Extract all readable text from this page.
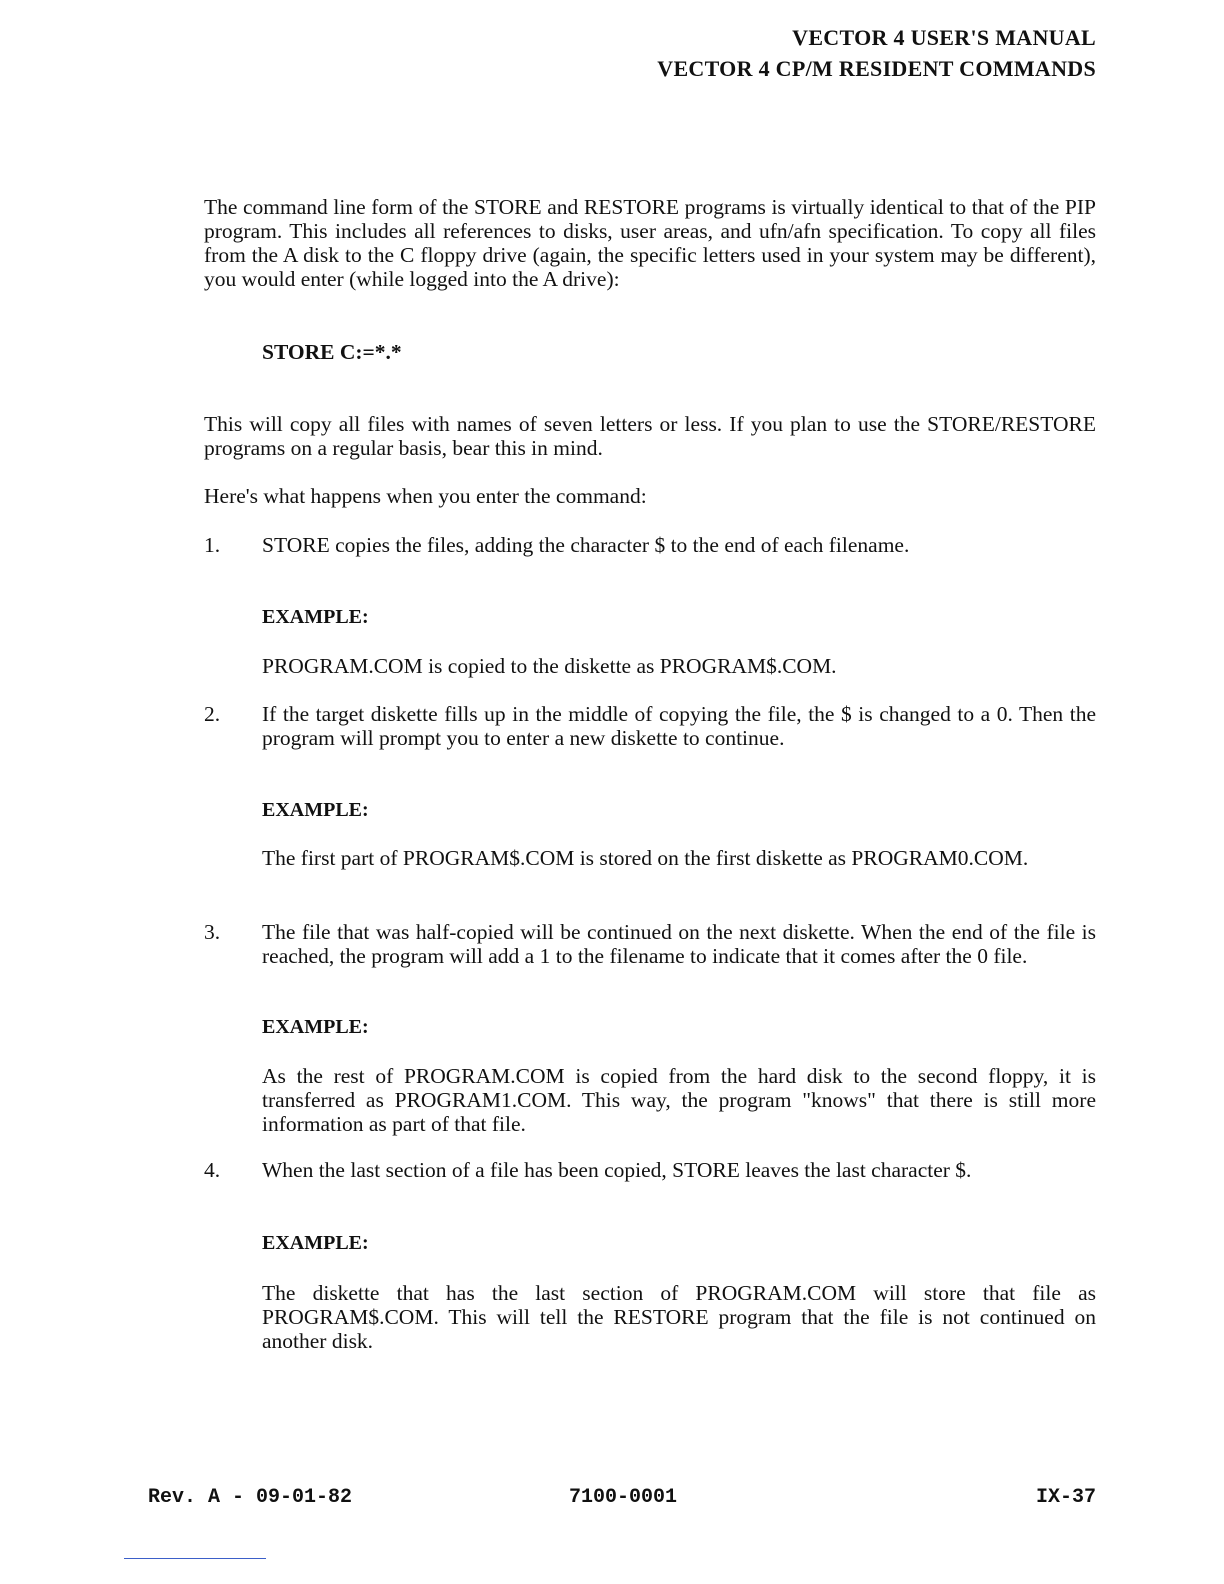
VECTOR 4 USER'S MANUAL
VECTOR 4 CP/M RESIDENT COMMANDS
The command line form of the STORE and RESTORE programs is virtually identical to that of the PIP program. This includes all references to disks, user areas, and ufn/afn specification. To copy all files from the A disk to the C floppy drive (again, the specific letters used in your system may be different), you would enter (while logged into the A drive):
STORE C:=*.*
This will copy all files with names of seven letters or less. If you plan to use the STORE/RESTORE programs on a regular basis, bear this in mind.
Here's what happens when you enter the command:
1. STORE copies the files, adding the character $ to the end of each filename.
EXAMPLE:
PROGRAM.COM is copied to the diskette as PROGRAM$.COM.
2. If the target diskette fills up in the middle of copying the file, the $ is changed to a 0. Then the program will prompt you to enter a new diskette to continue.
EXAMPLE:
The first part of PROGRAM$.COM is stored on the first diskette as PROGRAM0.COM.
3. The file that was half-copied will be continued on the next diskette. When the end of the file is reached, the program will add a 1 to the filename to indicate that it comes after the 0 file.
EXAMPLE:
As the rest of PROGRAM.COM is copied from the hard disk to the second floppy, it is transferred as PROGRAM1.COM. This way, the program "knows" that there is still more information as part of that file.
4. When the last section of a file has been copied, STORE leaves the last character $.
EXAMPLE:
The diskette that has the last section of PROGRAM.COM will store that file as PROGRAM$.COM. This will tell the RESTORE program that the file is not continued on another disk.
Rev. A - 09-01-82	7100-0001	IX-37
